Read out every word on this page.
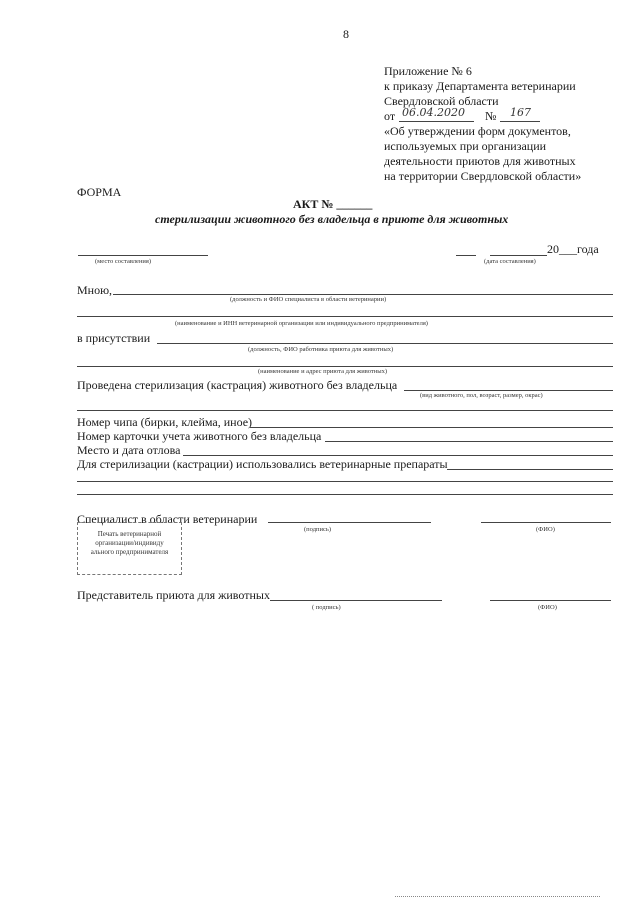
8
Приложение № 6
к приказу Департамента ветеринарии
Свердловской области
от 06.04.2020 № 167
«Об утверждении форм документов,
используемых при организации
деятельности приютов для животных
на территории Свердловской области»
ФОРМА
АКТ № ______
стерилизации животного без владельца в приюте для животных
(место составления)
20___года
(дата составления)
Мною,
(должность и ФИО специалиста в области ветеринарии)
(наименование и ИНН ветеринарной организации или индивидуального предпринимателя)
в присутствии
(должность, ФИО работника приюта для животных)
(наименование и адрес приюта для животных)
Проведена стерилизация (кастрация) животного без владельца
(вид животного, пол, возраст, размер, окрас)
Номер чипа (бирки, клейма, иное)
Номер карточки учета животного без владельца
Место и дата отлова
Для стерилизации (кастрации) использовались ветеринарные препараты
Специалист в области ветеринарии
(подпись)	(ФИО)
Печать ветеринарной организации/индивиду ального предпринимателя
Представитель приюта для животных
( подпись)	(ФИО)
